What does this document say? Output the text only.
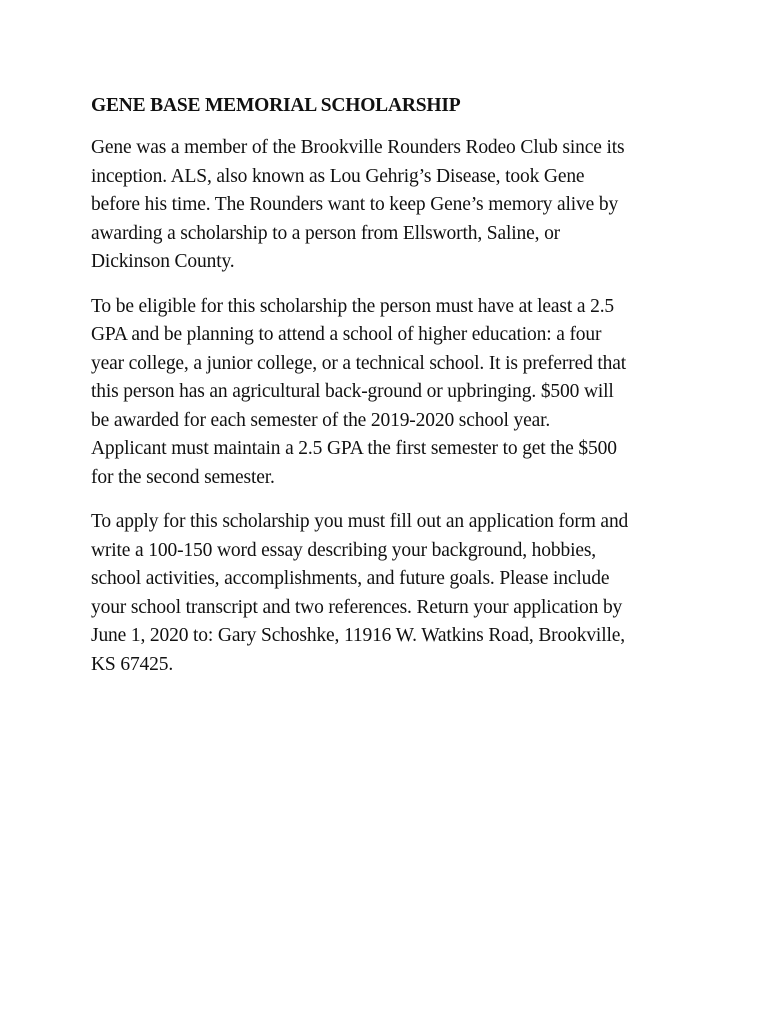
GENE BASE MEMORIAL SCHOLARSHIP

Gene was a member of the Brookville Rounders Rodeo Club since its
inception. ALS, also known as Lou Gehrig’s Disease, took Gene
before his time. The Rounders want to keep Gene’s memory alive by
awarding a scholarship to a person from Ellsworth, Saline, or
Dickinson County.

To be eligible for this scholarship the person must have at least a 2.5
GPA and be planning to attend a school of higher education: a four
year college, a junior college, or a technical school. It is preferred that
this person has an agricultural back-ground or upbringing. $500 will
be awarded for each semester of the 2019-2020 school year.
Applicant must maintain a 2.5 GPA the first semester to get the $500
for the second semester.

To apply for this scholarship you must fill out an application form and
write a 100-150 word essay describing your background, hobbies,
school activities, accomplishments, and future goals. Please include
your school transcript and two references. Return your application by
June 1, 2020 to: Gary Schoshke, 11916 W. Watkins Road, Brookville,
KS 67425.
